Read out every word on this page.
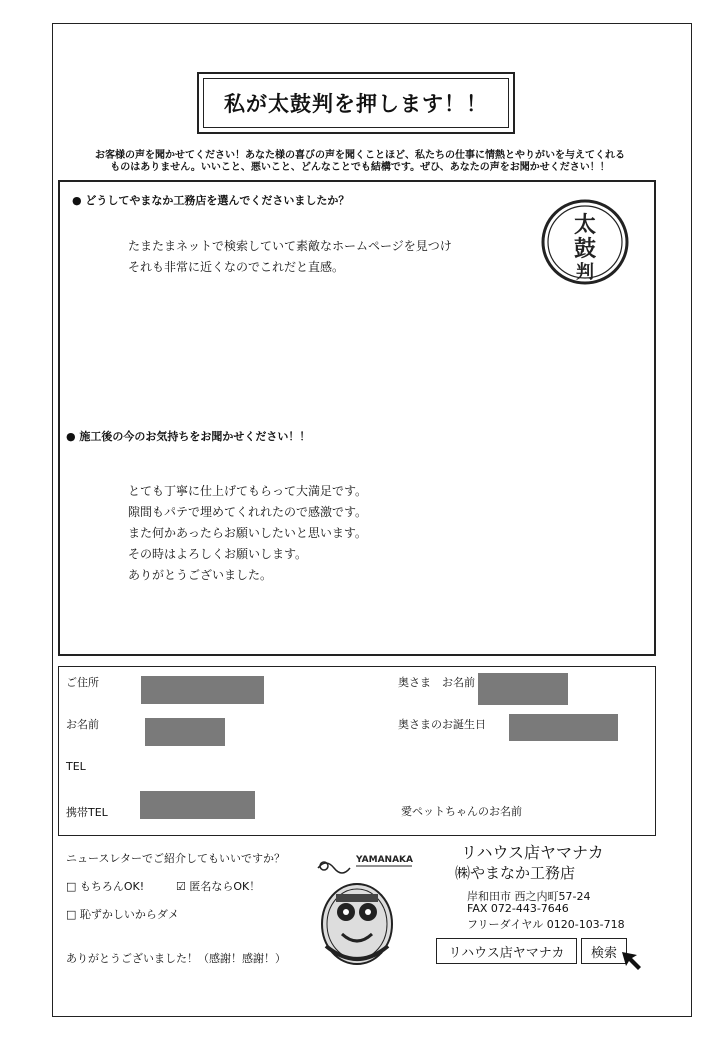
私が太鼓判を押します！！
お客様の声を聞かせてください！あなた様の喜びの声を聞くことほど、私たちの仕事に情熱とやりがいを与えてくれる
ものはありません。いいこと、悪いこと、どんなことでも結構です。ぜひ、あなたの声をお聞かせください！！
● どうしてやまなか工務店を選んでくださいましたか？
たまたまネットで検索していて素敵なホームページを見つけ
それも非常に近くなのでこれだと直感。
太
鼓
判
● 施工後の今のお気持ちをお聞かせください！！
とても丁寧に仕上げてもらって大満足です。
隙間もパテで埋めてくれれたので感激です。
また何かあったらお願いしたいと思います。
その時はよろしくお願いします。
ありがとうございました。
ご住所
お名前
TEL
携帯TEL
奥さま　お名前
奥さまのお誕生日
愛ペットちゃんのお名前
ニュースレターでご紹介してもいいですか？
□ もちろんOK!	☑ 匿名ならOK！
□ 恥ずかしいからダメ
ありがとうございました！（感謝！感謝！）
YAMANAKA	リハウス店ヤマナカ
㈱やまなか工務店
岸和田市 西之内町57-24
FAX 072-443-7646
フリーダイヤル 0120-103-718
リハウス店ヤマナカ	検索
